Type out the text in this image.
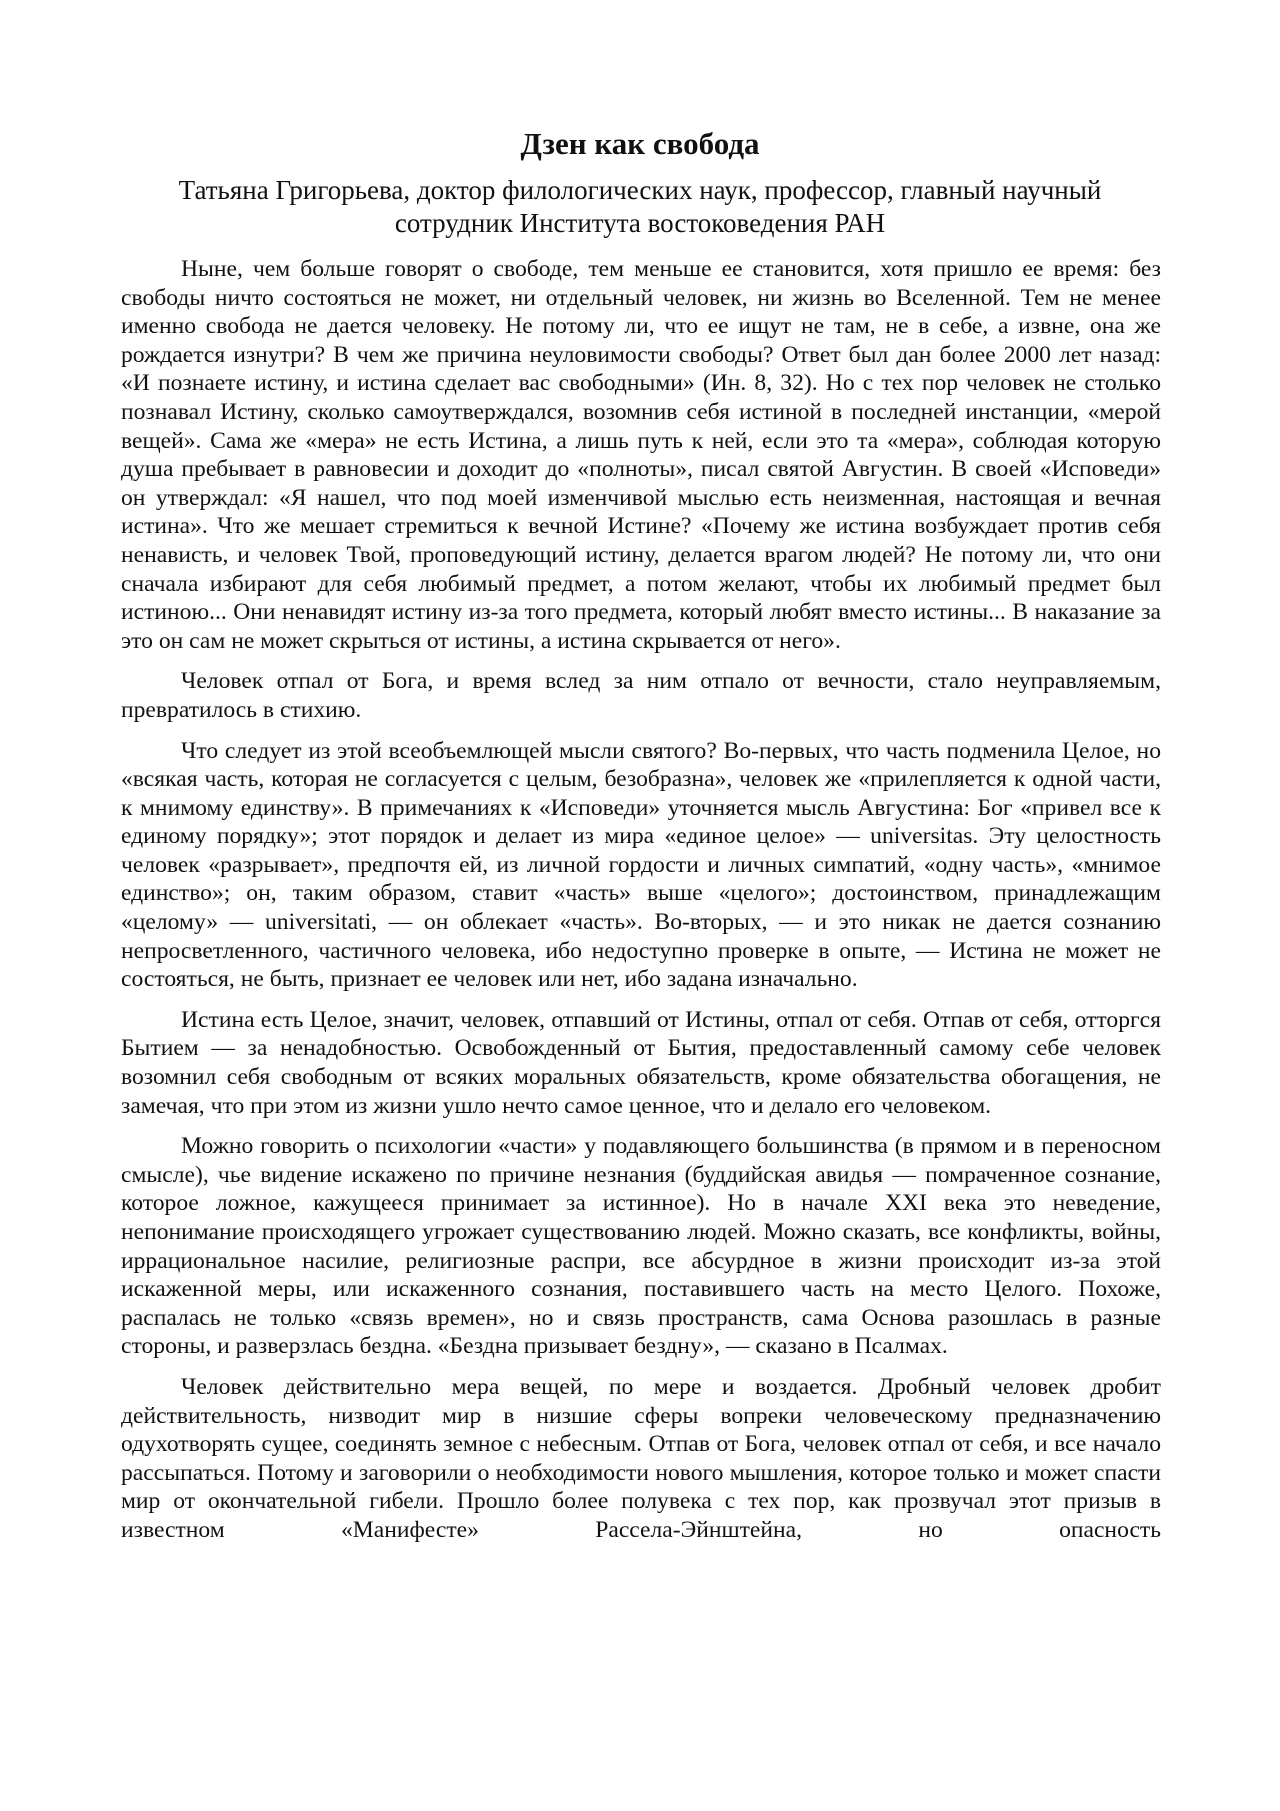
Дзен как свобода

Татьяна Григорьева, доктор филологических наук, профессор, главный научный сотрудник Института востоковедения РАН

Ныне, чем больше говорят о свободе, тем меньше ее становится, хотя пришло ее время: без свободы ничто состояться не может, ни отдельный человек, ни жизнь во Вселенной. Тем не менее именно свобода не дается человеку. Не потому ли, что ее ищут не там, не в себе, а извне, она же рождается изнутри? В чем же причина неуловимости свободы? Ответ был дан более 2000 лет назад: «И познаете истину, и истина сделает вас свободными» (Ин. 8, 32). Но с тех пор человек не столько познавал Истину, сколько самоутверждался, возомнив себя истиной в последней инстанции, «мерой вещей». Сама же «мера» не есть Истина, а лишь путь к ней, если это та «мера», соблюдая которую душа пребывает в равновесии и доходит до «полноты», писал святой Августин. В своей «Исповеди» он утверждал: «Я нашел, что под моей изменчивой мыслью есть неизменная, настоящая и вечная истина». Что же мешает стремиться к вечной Истине? «Почему же истина возбуждает против себя ненависть, и человек Твой, проповедующий истину, делается врагом людей? Не потому ли, что они сначала избирают для себя любимый предмет, а потом желают, чтобы их любимый предмет был истиною... Они ненавидят истину из-за того предмета, который любят вместо истины... В наказание за это он сам не может скрыться от истины, а истина скрывается от него».

Человек отпал от Бога, и время вслед за ним отпало от вечности, стало неуправляемым, превратилось в стихию.

Что следует из этой всеобъемлющей мысли святого? Во-первых, что часть подменила Целое, но «всякая часть, которая не согласуется с целым, безобразна», человек же «прилепляется к одной части, к мнимому единству». В примечаниях к «Исповеди» уточняется мысль Августина: Бог «привел все к единому порядку»; этот порядок и делает из мира «единое целое» — universitas. Эту целостность человек «разрывает», предпочтя ей, из личной гордости и личных симпатий, «одну часть», «мнимое единство»; он, таким образом, ставит «часть» выше «целого»; достоинством, принадлежащим «целому» — universitati, — он облекает «часть». Во-вторых, — и это никак не дается сознанию непросветленного, частичного человека, ибо недоступно проверке в опыте, — Истина не может не состояться, не быть, признает ее человек или нет, ибо задана изначально.

Истина есть Целое, значит, человек, отпавший от Истины, отпал от себя. Отпав от себя, отторгся Бытием — за ненадобностью. Освобожденный от Бытия, предоставленный самому себе человек возомнил себя свободным от всяких моральных обязательств, кроме обязательства обогащения, не замечая, что при этом из жизни ушло нечто самое ценное, что и делало его человеком.

Можно говорить о психологии «части» у подавляющего большинства (в прямом и в переносном смысле), чье видение искажено по причине незнания (буддийская авидья — помраченное сознание, которое ложное, кажущееся принимает за истинное). Но в начале XXI века это неведение, непонимание происходящего угрожает существованию людей. Можно сказать, все конфликты, войны, иррациональное насилие, религиозные распри, все абсурдное в жизни происходит из-за этой искаженной меры, или искаженного сознания, поставившего часть на место Целого. Похоже, распалась не только «связь времен», но и связь пространств, сама Основа разошлась в разные стороны, и разверзлась бездна. «Бездна призывает бездну», — сказано в Псалмах.

Человек действительно мера вещей, по мере и воздается. Дробный человек дробит действительность, низводит мир в низшие сферы вопреки человеческому предназначению одухотворять сущее, соединять земное с небесным. Отпав от Бога, человек отпал от себя, и все начало рассыпаться. Потому и заговорили о необходимости нового мышления, которое только и может спасти мир от окончательной гибели. Прошло более полувека с тех пор, как прозвучал этот призыв в известном «Манифесте» Рассела-Эйнштейна, но опасность
